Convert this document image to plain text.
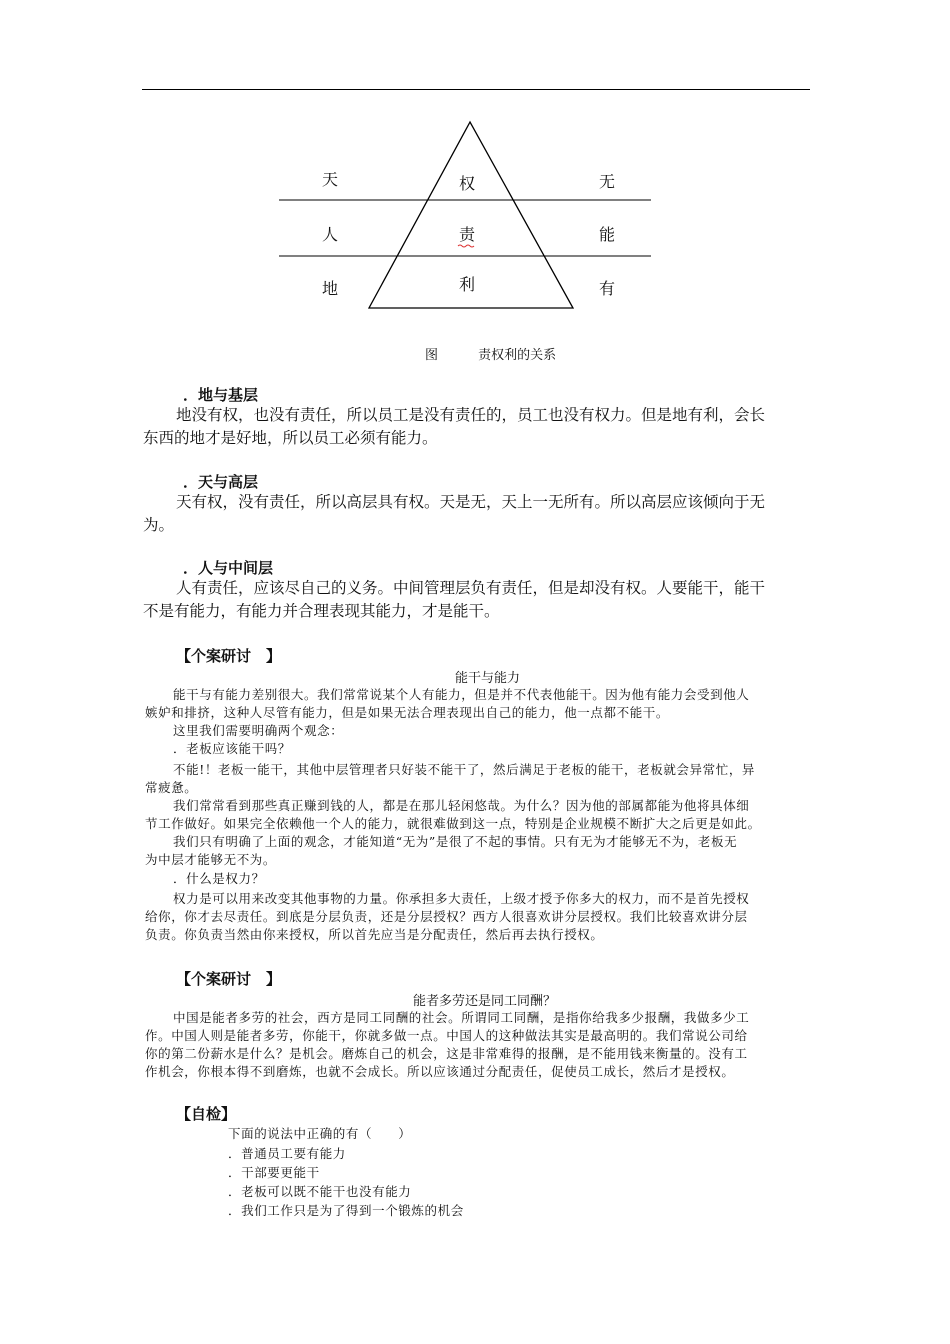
天
人
地
权
责
利
无
能
有
图	责权利的关系
．地与基层
地没有权，也没有责任，所以员工是没有责任的，员工也没有权力。但是地有利，会长
东西的地才是好地，所以员工必须有能力。
．天与高层
天有权，没有责任，所以高层具有权。天是无，天上一无所有。所以高层应该倾向于无
为。
．人与中间层
人有责任，应该尽自己的义务。中间管理层负有责任，但是却没有权。人要能干，能干
不是有能力，有能力并合理表现其能力，才是能干。
【个案研讨　】
能干与能力
能干与有能力差别很大。我们常常说某个人有能力，但是并不代表他能干。因为他有能力会受到他人
嫉妒和排挤，这种人尽管有能力，但是如果无法合理表现出自己的能力，他一点都不能干。
这里我们需要明确两个观念：
．老板应该能干吗？
不能!！老板一能干，其他中层管理者只好装不能干了，然后满足于老板的能干，老板就会异常忙，异
常疲惫。
我们常常看到那些真正赚到钱的人，都是在那儿轻闲悠哉。为什么？因为他的部属都能为他将具体细
节工作做好。如果完全依赖他一个人的能力，就很难做到这一点，特别是企业规模不断扩大之后更是如此。
我们只有明确了上面的观念，才能知道“无为”是很了不起的事情。只有无为才能够无不为，老板无
为中层才能够无不为。
．什么是权力？
权力是可以用来改变其他事物的力量。你承担多大责任，上级才授予你多大的权力，而不是首先授权
给你，你才去尽责任。到底是分层负责，还是分层授权？西方人很喜欢讲分层授权。我们比较喜欢讲分层
负责。你负责当然由你来授权，所以首先应当是分配责任，然后再去执行授权。
【个案研讨　】
能者多劳还是同工同酬？
中国是能者多劳的社会，西方是同工同酬的社会。所谓同工同酬，是指你给我多少报酬，我做多少工
作。中国人则是能者多劳，你能干，你就多做一点。中国人的这种做法其实是最高明的。我们常说公司给
你的第二份薪水是什么？是机会。磨炼自己的机会，这是非常难得的报酬，是不能用钱来衡量的。没有工
作机会，你根本得不到磨炼，也就不会成长。所以应该通过分配责任，促使员工成长，然后才是授权。
【自检】
下面的说法中正确的有（　　）
．普通员工要有能力
．干部要更能干
．老板可以既不能干也没有能力
．我们工作只是为了得到一个锻炼的机会
